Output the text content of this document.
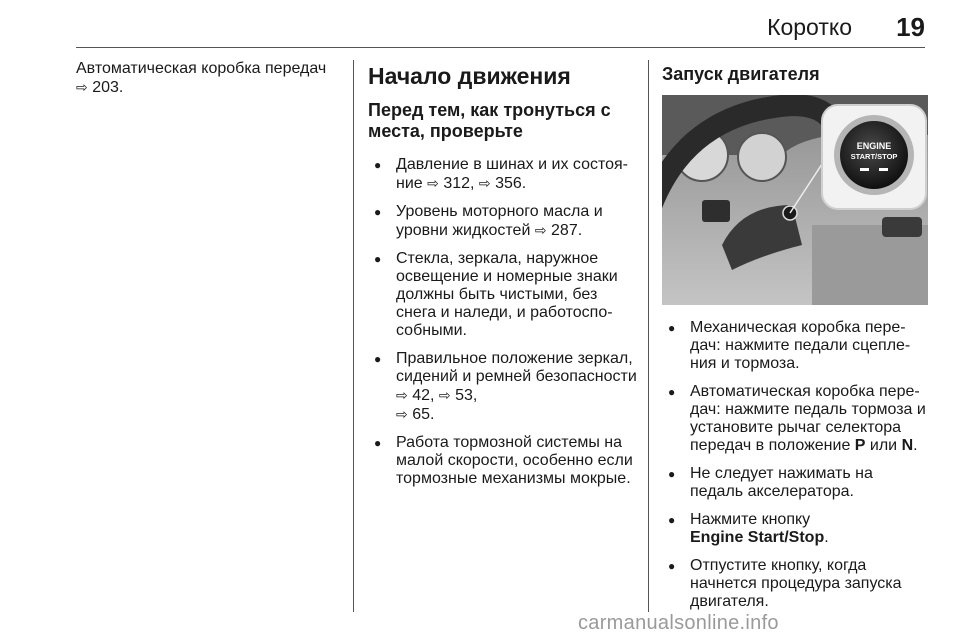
Коротко 19
Автоматическая коробка передач
⇨ 203.	Начало движения
Перед тем, как тронуться с места, проверьте
● Давление в шинах и их состоя-ние ⇨ 312, ⇨ 356.
● Уровень моторного масла и уровни жидкостей ⇨ 287.
● Стекла, зеркала, наружное освещение и номерные знаки должны быть чистыми, без снега и наледи, и работоспо-собными.
● Правильное положение зеркал, сидений и ремней безопасности ⇨ 42, ⇨ 53,
⇨ 65.
● Работа тормозной системы на малой скорости, особенно если тормозные механизмы мокрые.
Запуск двигателя
ENGINE
START/STOP
● Механическая коробка пере-дач: нажмите педали сцепле-ния и тормоза.
● Автоматическая коробка пере-дач: нажмите педаль тормоза и установите рычаг селектора передач в положение P или N.
● Не следует нажимать на педаль акселератора.
● Нажмите кнопку
Engine Start/Stop.
● Отпустите кнопку, когда начнется процедура запуска двигателя.
carmanualsonline.info
